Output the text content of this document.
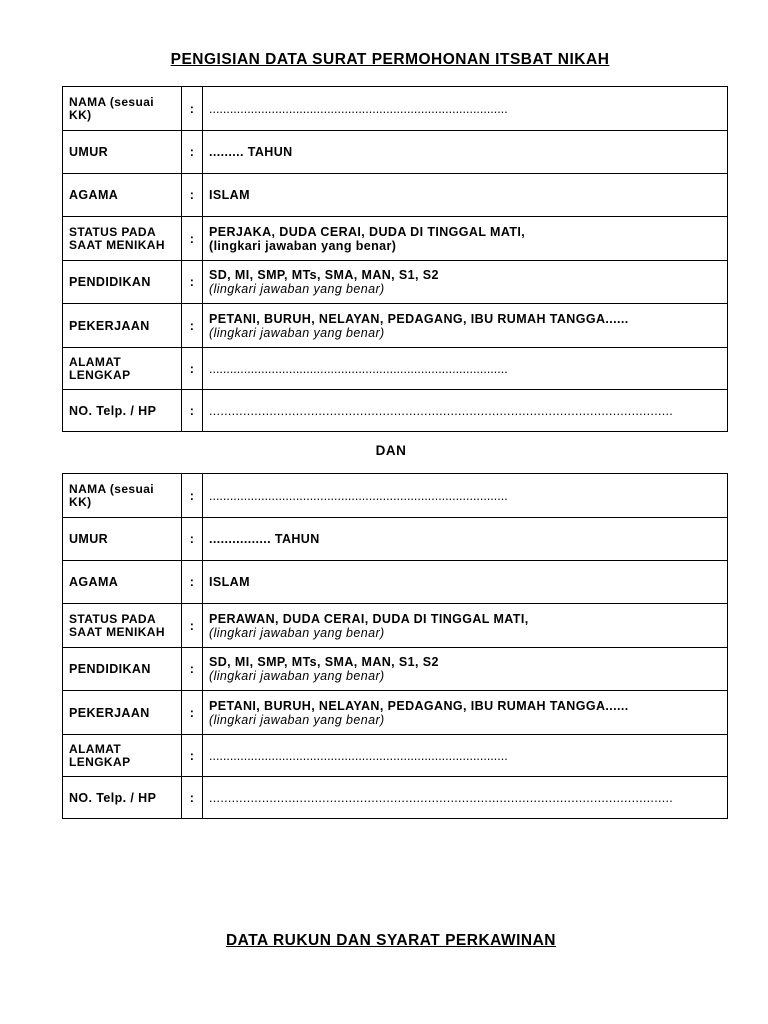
PENGISIAN DATA SURAT PERMOHONAN ITSBAT NIKAH
NAMA (sesuai KK)	:	......................................................................................
UMUR	:	......... TAHUN
AGAMA	:	ISLAM
STATUS PADA SAAT MENIKAH	:	PERJAKA, DUDA CERAI, DUDA DI TINGGAL MATI,
(lingkari jawaban yang benar)

PENDIDIKAN	:	SD, MI, SMP, MTs, SMA, MAN, S1, S2
(lingkari jawaban yang benar)

PEKERJAAN	:	PETANI, BURUH, NELAYAN, PEDAGANG, IBU RUMAH TANGGA......
(lingkari jawaban yang benar)

ALAMAT LENGKAP	:	......................................................................................
NO. Telp. / HP	:	...........................................................................................................................
DAN
NAMA (sesuai KK)	:	......................................................................................
UMUR	:	................ TAHUN
AGAMA	:	ISLAM
STATUS PADA SAAT MENIKAH	:	PERAWAN, DUDA CERAI, DUDA DI TINGGAL MATI,
(lingkari jawaban yang benar)

PENDIDIKAN	:	SD, MI, SMP, MTs, SMA, MAN, S1, S2
(lingkari jawaban yang benar)

PEKERJAAN	:	PETANI, BURUH, NELAYAN, PEDAGANG, IBU RUMAH TANGGA......
(lingkari jawaban yang benar)

ALAMAT LENGKAP	:	......................................................................................
NO. Telp. / HP	:	...........................................................................................................................
DATA RUKUN DAN SYARAT PERKAWINAN
